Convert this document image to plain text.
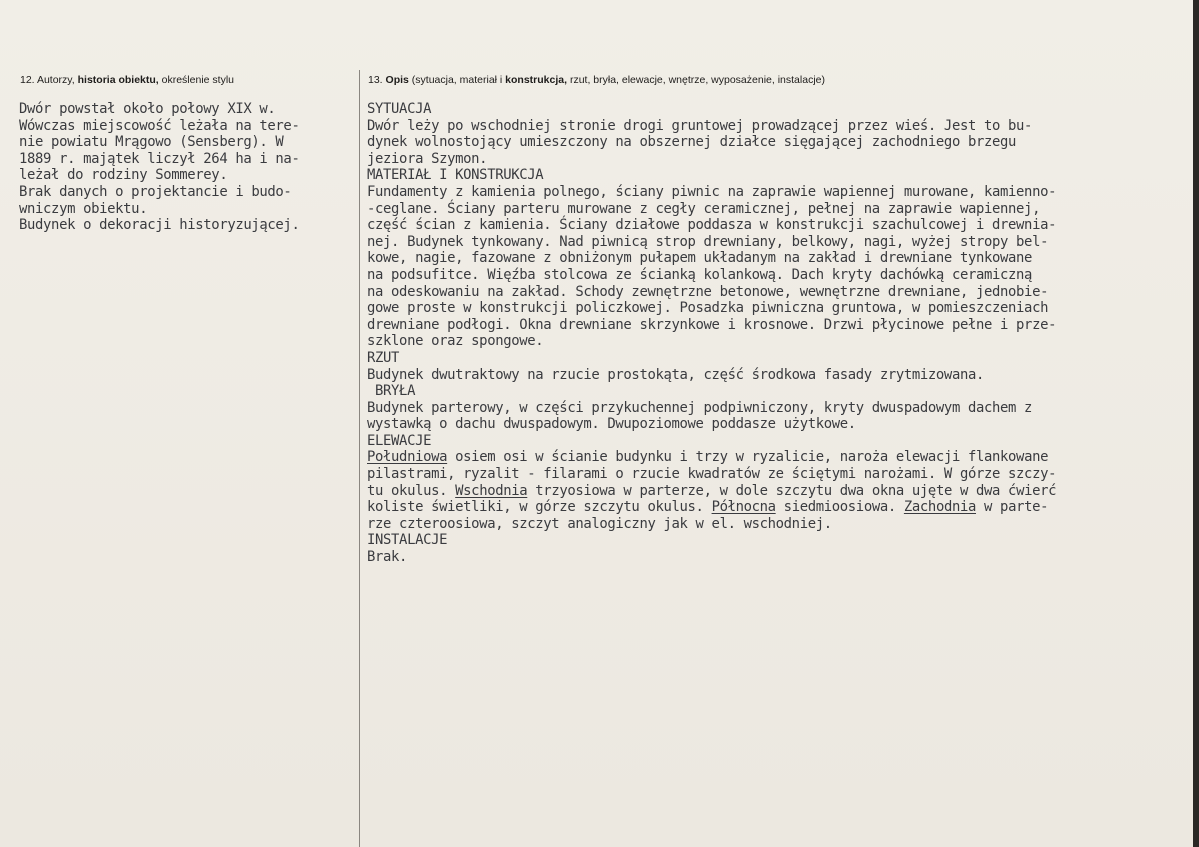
12. Autorzy, historia obiektu, określenie stylu	13. Opis (sytuacja, materiał i konstrukcja, rzut, bryła, elewacje, wnętrze, wyposażenie, instalacje)
Dwór powstał około połowy XIX w.
Wówczas miejscowość leżała na tere-
nie powiatu Mrągowo (Sensberg). W
1889 r. majątek liczył 264 ha i na-
leżał do rodziny Sommerey.
Brak danych o projektancie i budo-
wniczym obiektu.
Budynek o dekoracji historyzującej.
SYTUACJA
Dwór leży po wschodniej stronie drogi gruntowej prowadzącej przez wieś. Jest to bu-
dynek wolnostojący umieszczony na obszernej działce sięgającej zachodniego brzegu
jeziora Szymon.
MATERIAŁ I KONSTRUKCJA
Fundamenty z kamienia polnego, ściany piwnic na zaprawie wapiennej murowane, kamienno-
-ceglane. Ściany parteru murowane z cegły ceramicznej, pełnej na zaprawie wapiennej,
część ścian z kamienia. Ściany działowe poddasza w konstrukcji szachulcowej i drewnia-
nej. Budynek tynkowany. Nad piwnicą strop drewniany, belkowy, nagi, wyżej stropy bel-
kowe, nagie, fazowane z obniżonym pułapem układanym na zakład i drewniane tynkowane
na podsufitce. Więźba stolcowa ze ścianką kolankową. Dach kryty dachówką ceramiczną
na odeskowaniu na zakład. Schody zewnętrzne betonowe, wewnętrzne drewniane, jednobie-
gowe proste w konstrukcji policzkowej. Posadzka piwniczna gruntowa, w pomieszczeniach
drewniane podłogi. Okna drewniane skrzynkowe i krosnowe. Drzwi płycinowe pełne i prze-
szklone oraz spongowe.
RZUT
Budynek dwutraktowy na rzucie prostokąta, część środkowa fasady zrytmizowana.
BRYŁA
Budynek parterowy, w części przykuchennej podpiwniczony, kryty dwuspadowym dachem z
wystawką o dachu dwuspadowym. Dwupoziomowe poddasze użytkowe.
ELEWACJE
Południowa osiem osi w ścianie budynku i trzy w ryzalicie, naroża elewacji flankowane
pilastrami, ryzalit - filarami o rzucie kwadratów ze ściętymi narożami. W górze szczy-
tu okulus. Wschodnia trzyosiowa w parterze, w dole szczytu dwa okna ujęte w dwa ćwierć
koliste świetliki, w górze szczytu okulus. Północna siedmioosiowa. Zachodnia w parte-
rze czteroosiowa, szczyt analogiczny jak w el. wschodniej.
INSTALACJE
Brak.
